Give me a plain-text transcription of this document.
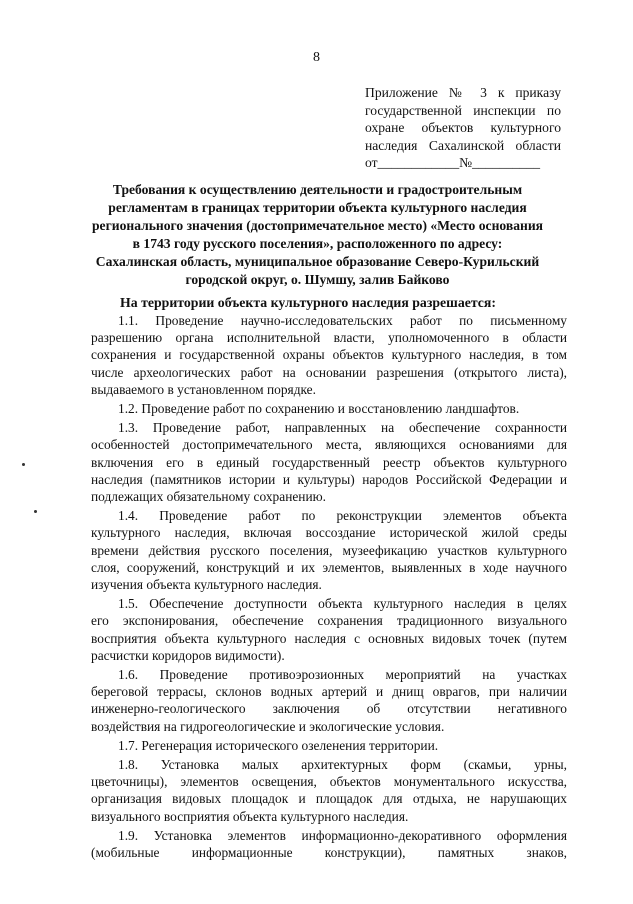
8
Приложение № 3 к приказу
государственной инспекции по
охране объектов культурного
наследия Сахалинской области
от____________№__________
Требования к осуществлению деятельности и градостроительным
регламентам в границах территории объекта культурного наследия
регионального значения (достопримечательное место) «Место основания
в 1743 году русского поселения», расположенного по адресу:
Сахалинская область, муниципальное образование Северо-Курильский
городской округ, о. Шумшу, залив Байково
На территории объекта культурного наследия разрешается:
1.1. Проведение научно-исследовательских работ по письменному
разрешению органа исполнительной власти, уполномоченного в области
сохранения и государственной охраны объектов культурного наследия, в том
числе археологических работ на основании разрешения (открытого листа),
выдаваемого в установленном порядке.
1.2. Проведение работ по сохранению и восстановлению ландшафтов.
1.3. Проведение работ, направленных на обеспечение сохранности
особенностей достопримечательного места, являющихся основаниями для
включения его в единый государственный реестр объектов культурного
наследия (памятников истории и культуры) народов Российской Федерации и
подлежащих обязательному сохранению.
1.4. Проведение работ по реконструкции элементов объекта
культурного наследия, включая воссоздание исторической жилой среды
времени действия русского поселения, музеефикацию участков культурного
слоя, сооружений, конструкций и их элементов, выявленных в ходе научного
изучения объекта культурного наследия.
1.5. Обеспечение доступности объекта культурного наследия в целях
его экспонирования, обеспечение сохранения традиционного визуального
восприятия объекта культурного наследия с основных видовых точек (путем
расчистки коридоров видимости).
1.6. Проведение противоэрозионных мероприятий на участках
береговой террасы, склонов водных артерий и днищ оврагов, при наличии
инженерно-геологического заключения об отсутствии негативного
воздействия на гидрогеологические и экологические условия.
1.7. Регенерация исторического озеленения территории.
1.8. Установка малых архитектурных форм (скамьи, урны,
цветочницы), элементов освещения, объектов монументального искусства,
организация видовых площадок и площадок для отдыха, не нарушающих
визуального восприятия объекта культурного наследия.
1.9. Установка элементов информационно-декоративного оформления
(мобильные информационные конструкции), памятных знаков,
